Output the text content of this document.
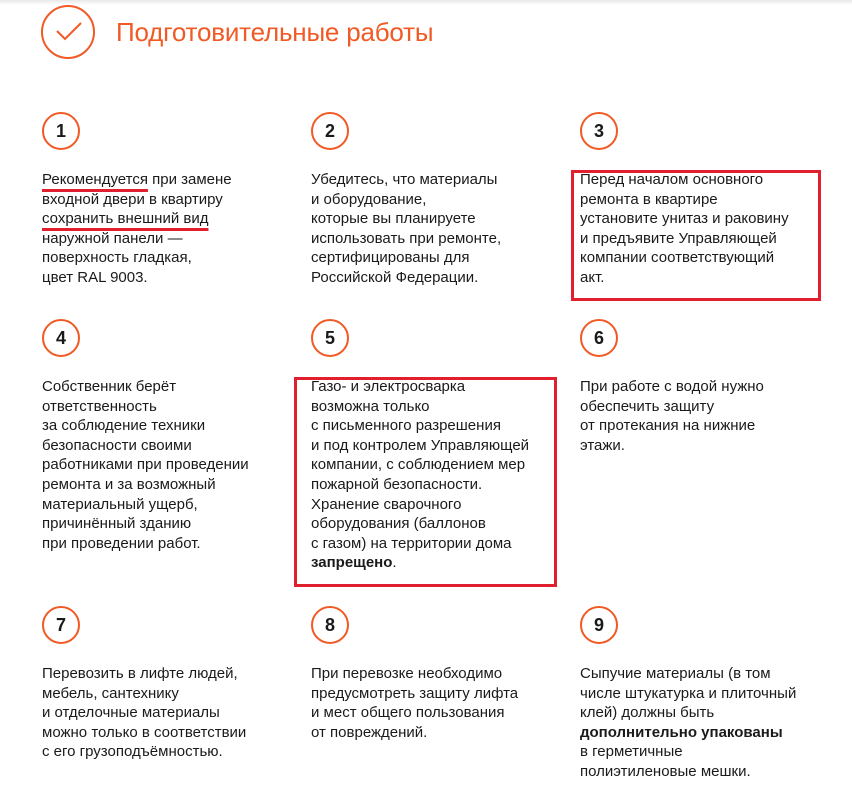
Подготовительные работы
1
Рекомендуется при замене
входной двери в квартиру
сохранить внешний вид
наружной панели —
поверхность гладкая,
цвет RAL 9003.
2
Убедитесь, что материалы
и оборудование,
которые вы планируете
использовать при ремонте,
сертифицированы для
Российской Федерации.
3
Перед началом основного
ремонта в квартире
установите унитаз и раковину
и предъявите Управляющей
компании соответствующий
акт.
4
Собственник берёт
ответственность
за соблюдение техники
безопасности своими
работниками при проведении
ремонта и за возможный
материальный ущерб,
причинённый зданию
при проведении работ.
5
Газо- и электросварка
возможна только
с письменного разрешения
и под контролем Управляющей
компании, с соблюдением мер
пожарной безопасности.
Хранение сварочного
оборудования (баллонов
с газом) на территории дома
запрещено.
6
При работе с водой нужно
обеспечить защиту
от протекания на нижние
этажи.
7
Перевозить в лифте людей,
мебель, сантехнику
и отделочные материалы
можно только в соответствии
с его грузоподъёмностью.
8
При перевозке необходимо
предусмотреть защиту лифта
и мест общего пользования
от повреждений.
9
Сыпучие материалы (в том
числе штукатурка и плиточный
клей) должны быть
дополнительно упакованы
в герметичные
полиэтиленовые мешки.
